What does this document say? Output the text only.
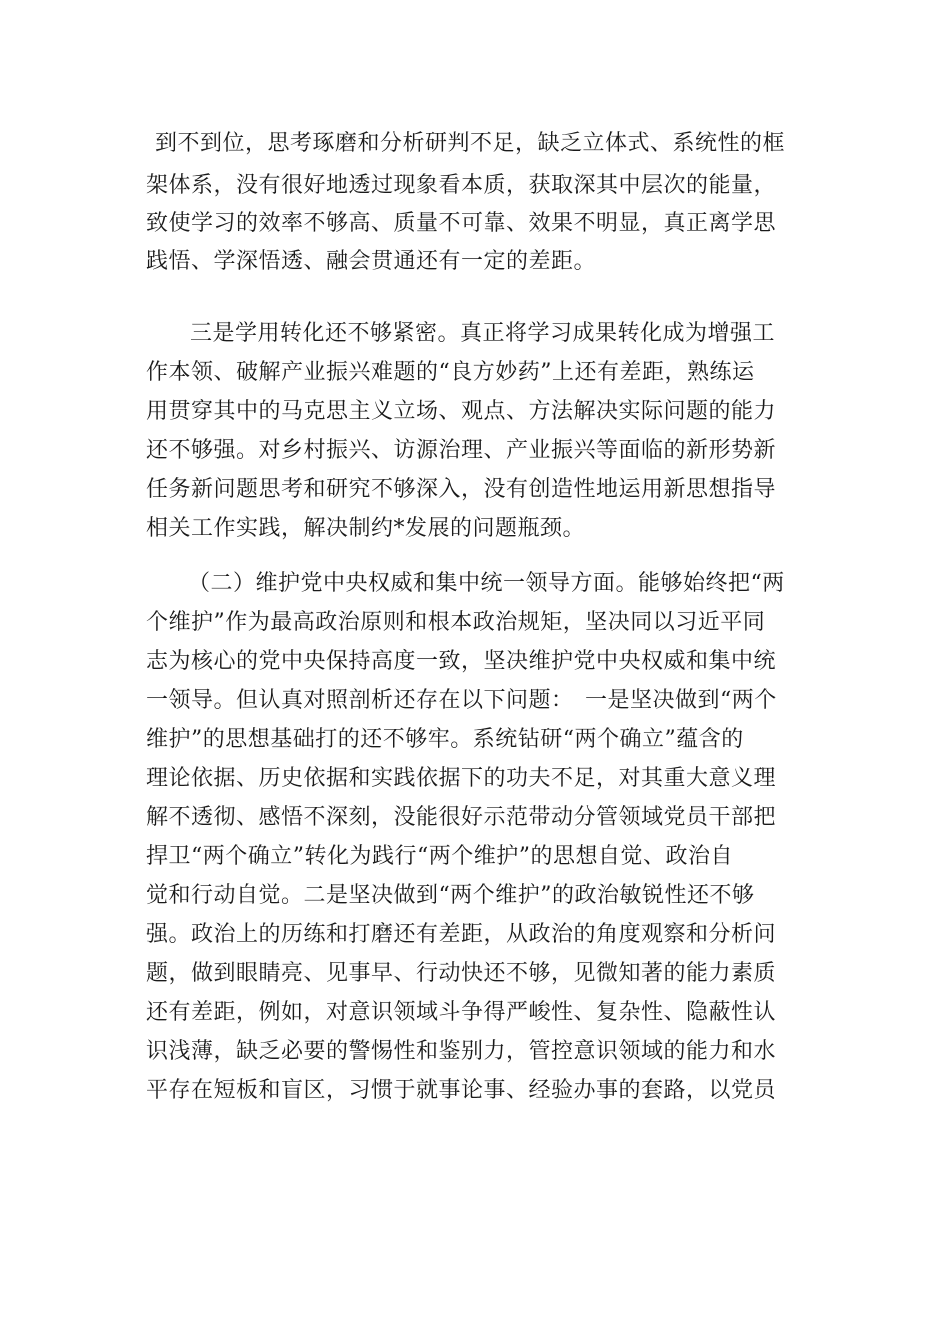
到不到位，思考琢磨和分析研判不足，缺乏立体式、系统性的框
架体系，没有很好地透过现象看本质，获取深其中层次的能量，
致使学习的效率不够高、质量不可靠、效果不明显，真正离学思
践悟、学深悟透、融会贯通还有一定的差距。
三是学用转化还不够紧密。真正将学习成果转化成为增强工
作本领、破解产业振兴难题的“良方妙药”上还有差距，熟练运
用贯穿其中的马克思主义立场、观点、方法解决实际问题的能力
还不够强。对乡村振兴、访源治理、产业振兴等面临的新形势新
任务新问题思考和研究不够深入，没有创造性地运用新思想指导
相关工作实践，解决制约*发展的问题瓶颈。
（二）维护党中央权威和集中统一领导方面。能够始终把“两
个维护”作为最高政治原则和根本政治规矩，坚决同以习近平同
志为核心的党中央保持高度一致，坚决维护党中央权威和集中统
一领导。但认真对照剖析还存在以下问题：　一是坚决做到“两个
维护”的思想基础打的还不够牢。系统钻研“两个确立”蕴含的
理论依据、历史依据和实践依据下的功夫不足，对其重大意义理
解不透彻、感悟不深刻，没能很好示范带动分管领域党员干部把
捍卫“两个确立”转化为践行“两个维护”的思想自觉、政治自
觉和行动自觉。二是坚决做到“两个维护”的政治敏锐性还不够
强。政治上的历练和打磨还有差距，从政治的角度观察和分析问
题，做到眼睛亮、见事早、行动快还不够，见微知著的能力素质
还有差距，例如，对意识领域斗争得严峻性、复杂性、隐蔽性认
识浅薄，缺乏必要的警惕性和鉴别力，管控意识领域的能力和水
平存在短板和盲区，习惯于就事论事、经验办事的套路，以党员
